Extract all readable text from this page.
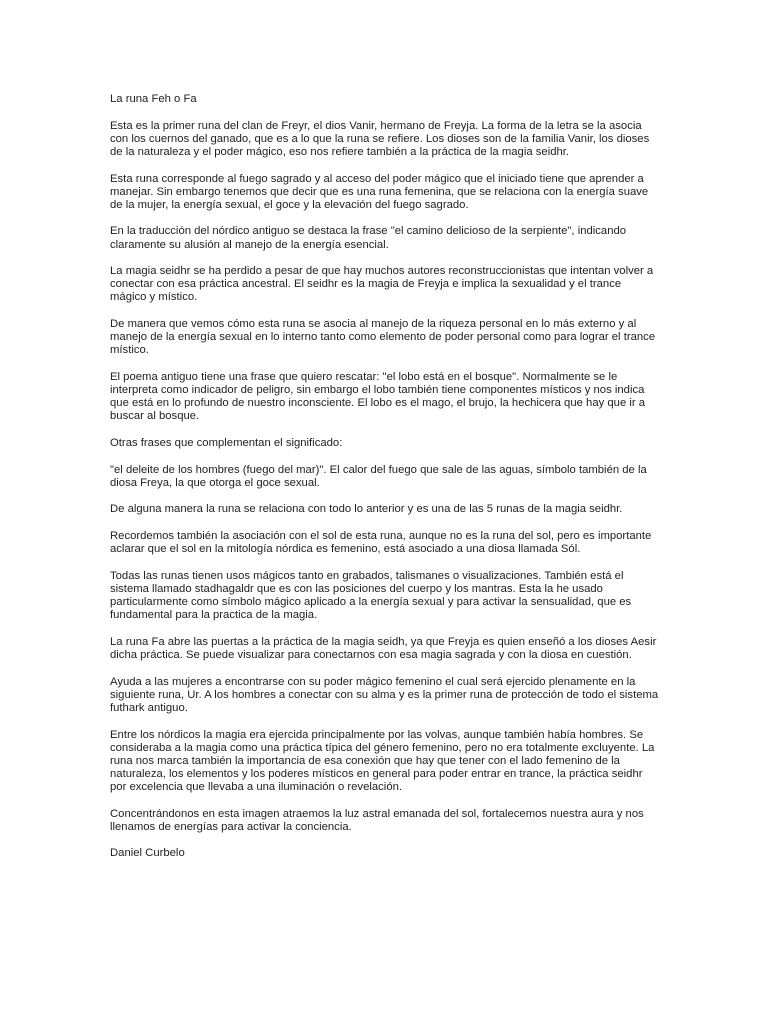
La runa Feh o Fa

Esta es la primer runa del clan de Freyr, el dios Vanir, hermano de Freyja. La forma de la letra se la asocia con los cuernos del ganado, que es a lo que la runa se refiere. Los dioses son de la familia Vanir, los dioses de la naturaleza y el poder mágico, eso nos refiere también a la práctica de la magia seidhr.

Esta runa corresponde al fuego sagrado y al acceso del poder mágico que el iniciado tiene que aprender a manejar. Sin embargo tenemos que decir que es una runa femenina, que se relaciona con la energía suave de la mujer, la energía sexual, el goce y la elevación del fuego sagrado.

En la traducción del nórdico antiguo se destaca la frase "el camino delicioso de la serpiente", indicando claramente su alusión al manejo de la energía esencial.

La magia seidhr se ha perdido a pesar de que hay muchos autores reconstruccionistas que intentan volver a conectar con esa práctica ancestral. El seidhr es la magia de Freyja e implica la sexualidad y el trance mágico y místico.

De manera que vemos cómo esta runa se asocia al manejo de la riqueza personal en lo más externo y al manejo de la energía sexual en lo interno tanto como elemento de poder personal como para lograr el trance místico.

El poema antiguo tiene una frase que quiero rescatar: "el lobo está en el bosque". Normalmente se le interpreta como indicador de peligro, sin embargo el lobo también tiene componentes místicos y nos indica que está en lo profundo de nuestro inconsciente. El lobo es el mago, el brujo, la hechicera que hay que ir a buscar al bosque.

Otras frases que complementan el significado:

"el deleite de los hombres (fuego del mar)". El calor del fuego que sale de las aguas, símbolo también de la diosa Freya, la que otorga el goce sexual.

De alguna manera la runa se relaciona con todo lo anterior y es una de las 5 runas de la magia seidhr.

Recordemos también la asociación con el sol de esta runa, aunque no es la runa del sol, pero es importante aclarar que el sol en la mitología nórdica es femenino, está asociado a una diosa llamada Sól.

Todas las runas tienen usos mágicos tanto en grabados, talismanes o visualizaciones. También está el sistema llamado stadhagaldr que es con las posiciones del cuerpo y los mantras. Esta la he usado particularmente como símbolo mágico aplicado a la energía sexual y para activar la sensualidad, que es fundamental para la practica de la magia.

La runa Fa abre las puertas a la práctica de la magia seidh, ya que Freyja es quien enseñó a los dioses Aesir dicha práctica. Se puede visualizar para conectarnos con esa magia sagrada y con la diosa en cuestión.

Ayuda a las mujeres a encontrarse con su poder mágico femenino el cual será ejercido plenamente en la siguiente runa, Ur. A los hombres a conectar con su alma y es la primer runa de protección de todo el sistema futhark antiguo.

Entre los nórdicos la magia era ejercida principalmente por las volvas, aunque también había hombres. Se consideraba a la magia como una práctica típica del género femenino, pero no era totalmente excluyente. La runa nos marca también la importancia de esa conexión que hay que tener con el lado femenino de la naturaleza, los elementos y los poderes místicos en general para poder entrar en trance, la práctica seidhr por excelencia que llevaba a una iluminación o revelación.

Concentrándonos en esta imagen atraemos la luz astral emanada del sol, fortalecemos nuestra aura y nos llenamos de energías para activar la conciencia.

Daniel Curbelo
